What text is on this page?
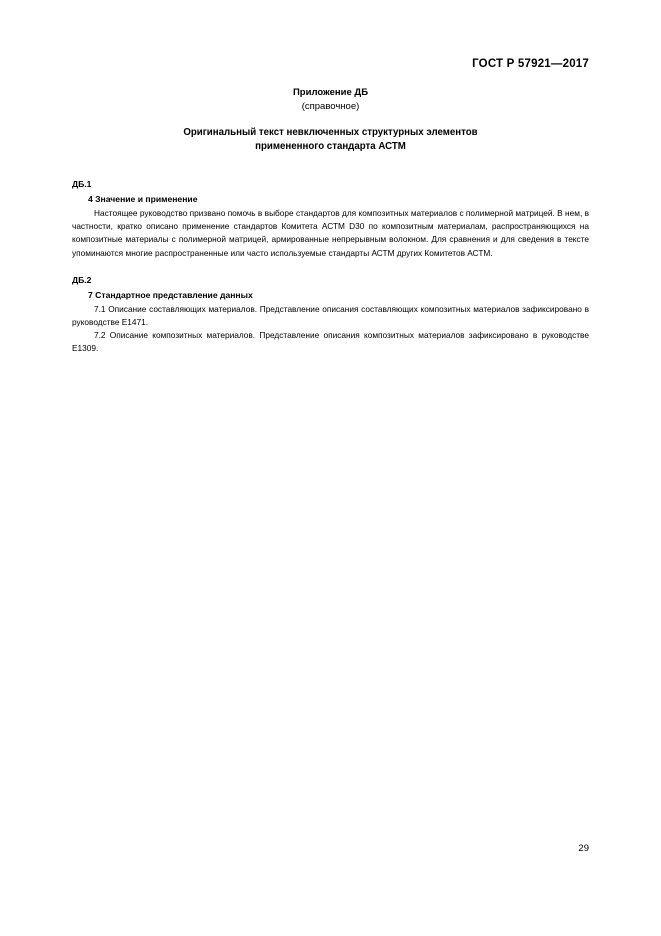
ГОСТ Р 57921—2017
Приложение ДБ
(справочное)
Оригинальный текст невключенных структурных элементов
примененного стандарта АСТМ
ДБ.1
4 Значение и применение

Настоящее руководство призвано помочь в выборе стандартов для композитных материалов с полимерной матрицей. В нем, в частности, кратко описано применение стандартов Комитета АСТМ D30 по композитным материалам, распространяющихся на композитные материалы с полимерной матрицей, армированные непрерывным волокном. Для сравнения и для сведения в тексте упоминаются многие распространенные или часто используемые стандарты АСТМ других Комитетов АСТМ.

ДБ.2
7 Стандартное представление данных

7.1 Описание составляющих материалов. Представление описания составляющих композитных материалов зафиксировано в руководстве Е1471.

7.2 Описание композитных материалов. Представление описания композитных материалов зафиксировано в руководстве Е1309.

29
